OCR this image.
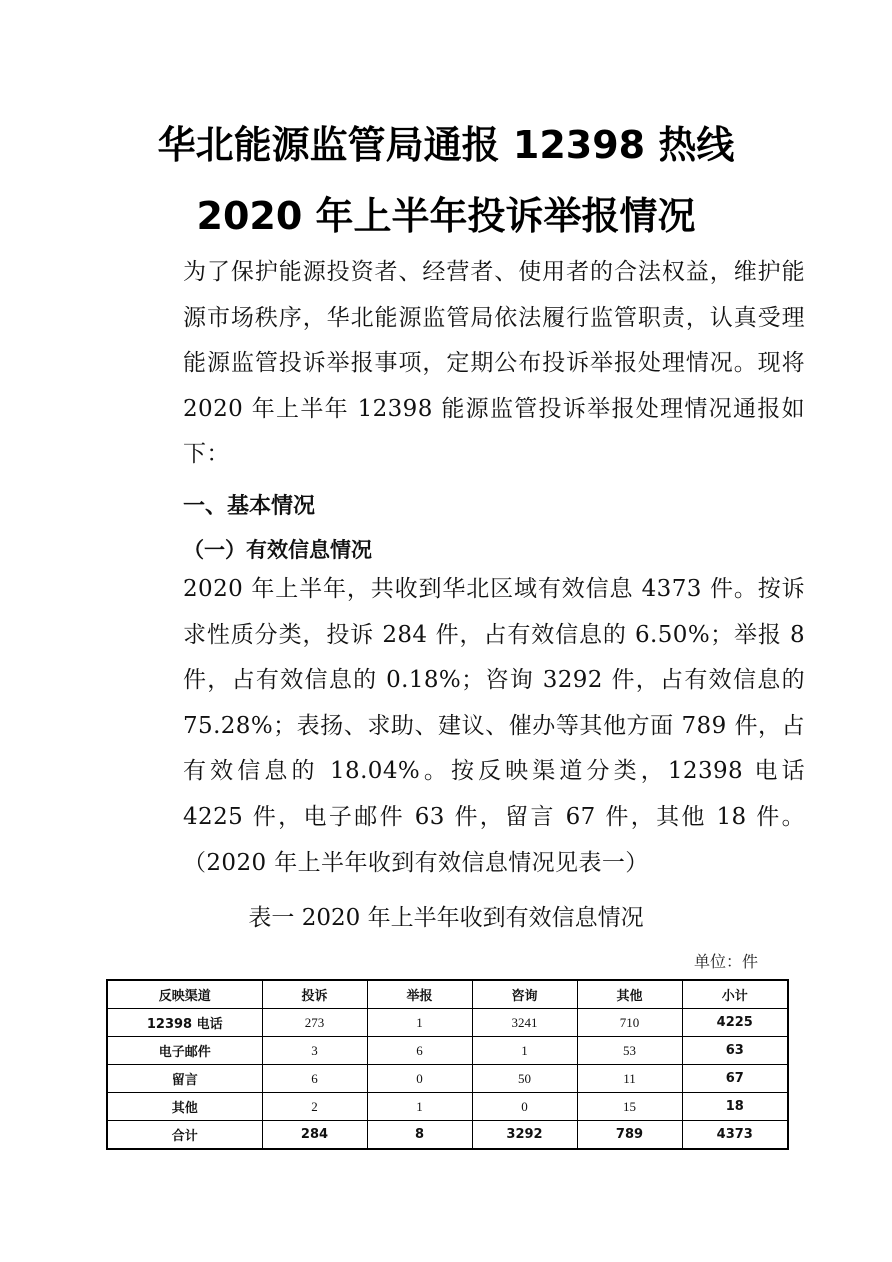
华北能源监管局通报 12398 热线
2020 年上半年投诉举报情况

为了保护能源投资者、经营者、使用者的合法权益，维护能源市场秩序，华北能源监管局依法履行监管职责，认真受理能源监管投诉举报事项，定期公布投诉举报处理情况。现将 2020 年上半年 12398 能源监管投诉举报处理情况通报如下：

一、基本情况
（一）有效信息情况

2020 年上半年，共收到华北区域有效信息 4373 件。按诉求性质分类，投诉 284 件，占有效信息的 6.50%；举报 8 件，占有效信息的 0.18%；咨询 3292 件，占有效信息的 75.28%；表扬、求助、建议、催办等其他方面 789 件，占有效信息的 18.04%。按反映渠道分类，12398 电话 4225 件，电子邮件 63 件，留言 67 件，其他 18 件。（2020 年上半年收到有效信息情况见表一）

表一 2020 年上半年收到有效信息情况
单位：件
反映渠道	投诉	举报	咨询	其他	小计
12398 电话	273	1	3241	710	4225
电子邮件	3	6	1	53	63
留言	6	0	50	11	67
其他	2	1	0	15	18
合计	284	8	3292	789	4373
